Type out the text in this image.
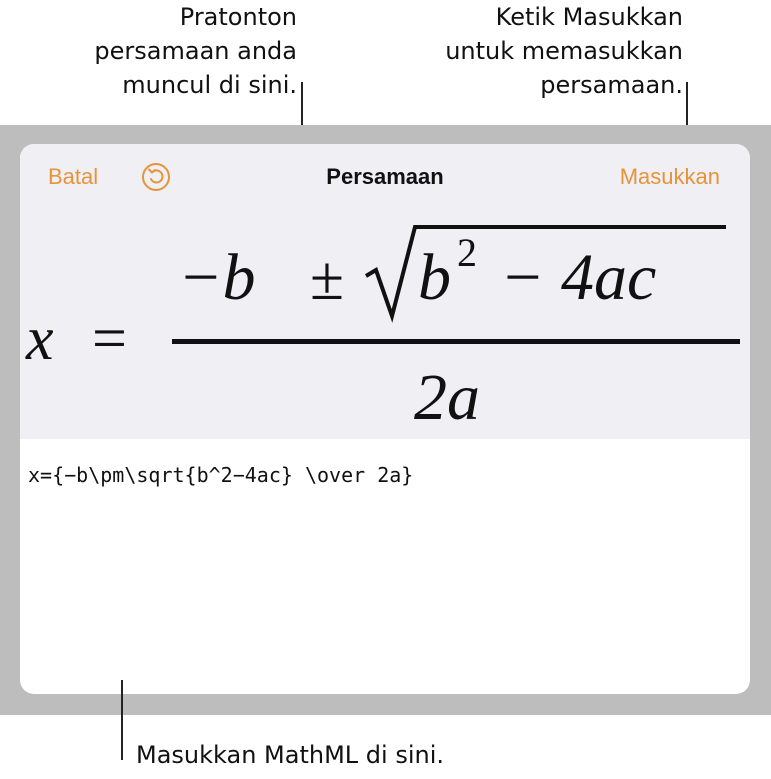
Pratonton
persamaan anda
muncul di sini.
Ketik Masukkan
untuk memasukkan
persamaan.
Batal	Persamaan	Masukkan
x =
−b ± b 2 − 4ac
2a
x={−b\pm\sqrt{b^2−4ac} \over 2a}
Masukkan MathML di sini.
